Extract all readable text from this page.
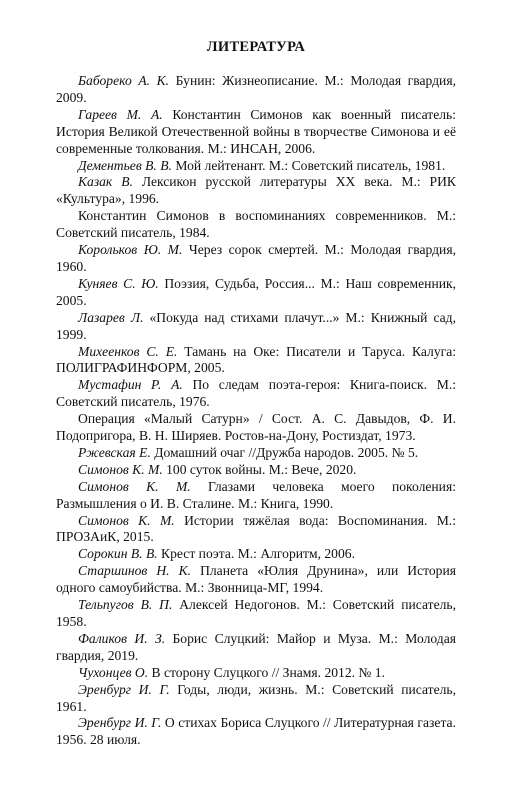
ЛИТЕРАТУРА
Бабореко А. К. Бунин: Жизнеописание. М.: Молодая гвардия, 2009.
Гареев М. А. Константин Симонов как военный писатель: История Великой Отечественной войны в творчестве Симонова и её современные толкования. М.: ИНСАН, 2006.
Дементьев В. В. Мой лейтенант. М.: Советский писатель, 1981.
Казак В. Лексикон русской литературы XX века. М.: РИК «Культура», 1996.
Константин Симонов в воспоминаниях современников. М.: Советский писатель, 1984.
Корольков Ю. М. Через сорок смертей. М.: Молодая гвардия, 1960.
Куняев С. Ю. Поэзия, Судьба, Россия... М.: Наш современник, 2005.
Лазарев Л. «Покуда над стихами плачут...» М.: Книжный сад, 1999.
Михеенков С. Е. Тамань на Оке: Писатели и Таруса. Калуга: ПОЛИГРАФИНФОРМ, 2005.
Мустафин Р. А. По следам поэта-героя: Книга-поиск. М.: Советский писатель, 1976.
Операция «Малый Сатурн» / Сост. А. С. Давыдов, Ф. И. Подопригора, В. Н. Ширяев. Ростов-на-Дону, Ростиздат, 1973.
Ржевская Е. Домашний очаг //Дружба народов. 2005. № 5.
Симонов К. М. 100 суток войны. М.: Вече, 2020.
Симонов К. М. Глазами человека моего поколения: Размышления о И. В. Сталине. М.: Книга, 1990.
Симонов К. М. Истории тяжёлая вода: Воспоминания. М.: ПРОЗАиК, 2015.
Сорокин В. В. Крест поэта. М.: Алгоритм, 2006.
Старшинов Н. К. Планета «Юлия Друнина», или История одного самоубийства. М.: Звонница-МГ, 1994.
Тельпугов В. П. Алексей Недогонов. М.: Советский писатель, 1958.
Фаликов И. З. Борис Слуцкий: Майор и Муза. М.: Молодая гвардия, 2019.
Чухонцев О. В сторону Слуцкого // Знамя. 2012. № 1.
Эренбург И. Г. Годы, люди, жизнь. М.: Советский писатель, 1961.
Эренбург И. Г. О стихах Бориса Слуцкого // Литературная газета. 1956. 28 июля.
